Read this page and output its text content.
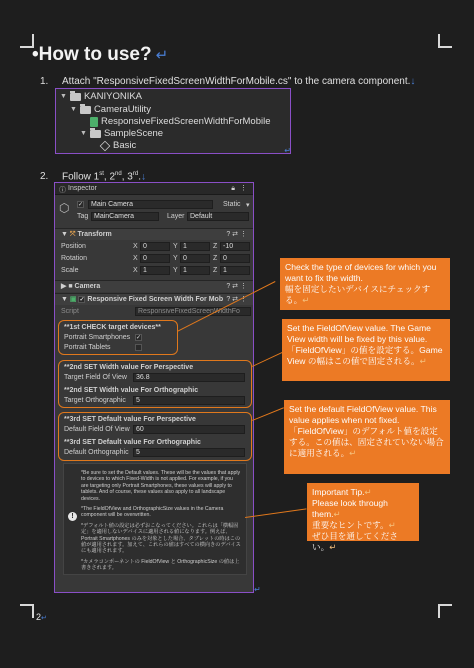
•How to use? ↵
1. Attach "ResponsiveFixedScreenWidthForMobile.cs" to the camera component.↓
▼ KANIYONIKA
▼ CameraUtility
ResponsiveFixedScreenWidthForMobile
▼ SampleScene
Basic	↵
2. Follow 1st, 2nd, 3rd.↓
ⓘ Inspector	🔒︎ ⋮
⬡ ✓	Main Camera	Static ▾
Tag MainCamera	Layer Default
▼ ⤧ Transform	? ⇄ ⋮
Position	X 0	Y 1	Z -10
Rotation	X 0	Y 0	Z 0
Scale	X 1	Y 1	Z 1
▶ ■ Camera	? ⇄ ⋮
▼ ▣ ✓ Responsive Fixed Screen Width For Mob ? ⇄ ⋮
Script	ResponsiveFixedScreenWidthFo
**1st CHECK target devices**
Portrait Smartphones ✓
Portrait Tablets
**2nd SET Width value For Perspective
Target Field Of View	36.8
**2nd SET Width value For Orthographic
Target Orthographic	5
**3rd SET Default value For Perspective
Default Field Of View 60
**3rd SET Default value For Orthographic
Default Orthographic	5
!
*Be sure to set the Default values. These will be the values that apply to devices to which Fixed-Width is not applied. For example, if you are targeting only Portrait Smartphones, these values will apply to tablets. And of course, these values also apply to all landscape devices.
*The FieldOfView and OrthographicSize values in the Camera component will be overwritten.
*デフォルト値の設定は必ずおこなってください。これらは「横幅固定」を適用しないデバイスに適用される値になります。例えば、Portrait Smartphones のみを対象とした場合、タブレットの時はこの値が適用されます。加えて、これらの値はすべての横向きのデバイスにも適用されます。
*カメラコンポーネントの FieldOfView と OrthographicSize の値は上書きされます。
↵
Check the type of devices for which you want to fix the width.
幅を固定したいデバイスにチェックする。↵
Set the FieldOfView value. The Game View width will be fixed by this value. 「FieldOfView」の値を設定する。Game View の幅はこの値で固定される。↵
Set the default FieldOfView value. This value applies when not fixed. 「FieldOfView」のデフォルト値を設定する。この値は、固定されていない場合に適用される。↵
Important Tip.↵
Please look through them.↵
重要なヒントです。↵
ぜひ目を通してください。↵
2↵
